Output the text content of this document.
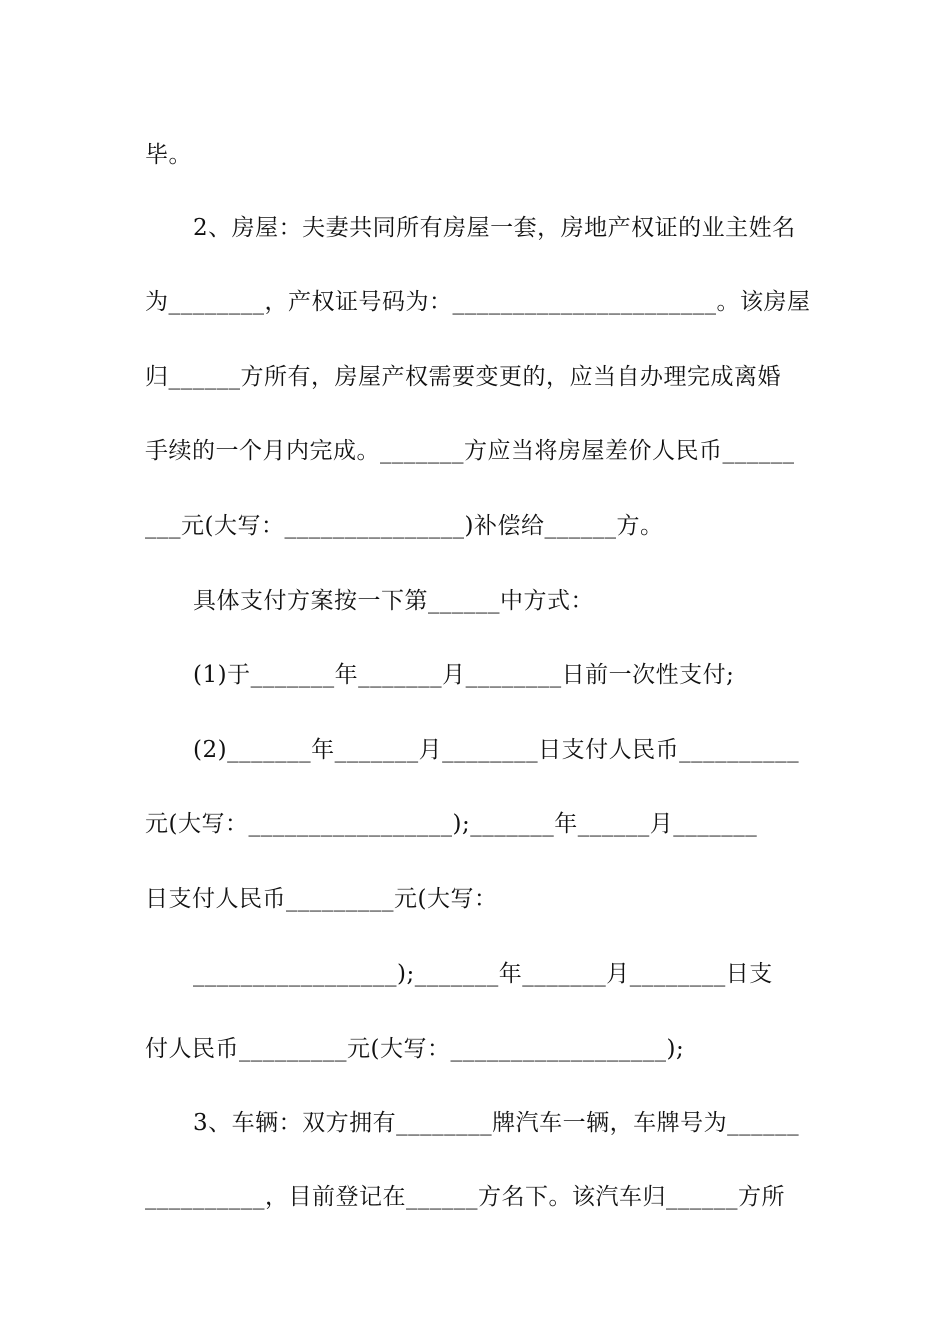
毕。
2、房屋：夫妻共同所有房屋一套，房地产权证的业主姓名
为________，产权证号码为：______________________。该房屋
归______方所有，房屋产权需要变更的，应当自办理完成离婚
手续的一个月内完成。_______方应当将房屋差价人民币______
___元(大写：_______________)补偿给______方。
具体支付方案按一下第______中方式：
(1)于_______年_______月________日前一次性支付;
(2)_______年_______月________日支付人民币__________
元(大写：_________________);_______年______月_______
日支付人民币_________元(大写：
_________________);_______年_______月________日支
付人民币_________元(大写：__________________);
3、车辆：双方拥有________牌汽车一辆，车牌号为______
__________，目前登记在______方名下。该汽车归______方所
